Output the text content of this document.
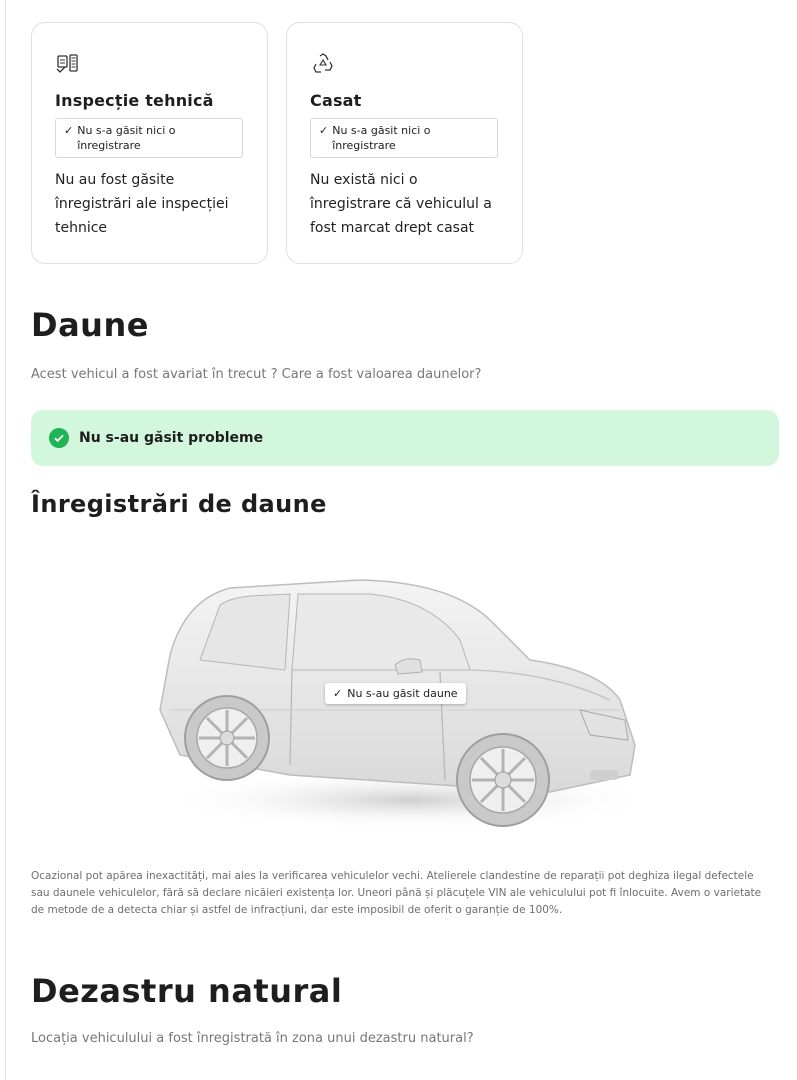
Inspecție tehnică
✓ Nu s-a găsit nici o înregistrare

Nu au fost găsite înregistrări ale inspecției tehnice

Casat
✓ Nu s-a găsit nici o înregistrare

Nu există nici o înregistrare că vehiculul a fost marcat drept casat

Daune

Acest vehicul a fost avariat în trecut ? Care a fost valoarea daunelor?

Nu s-au găsit probleme
Înregistrări de daune
✓ Nu s-au găsit daune

Ocazional pot apărea inexactități, mai ales la verificarea vehiculelor vechi. Atelierele clandestine de reparații pot deghiza ilegal defectele sau daunele vehiculelor, fără să declare nicăieri existența lor. Uneori până și plăcuțele VIN ale vehiculului pot fi înlocuite. Avem o varietate de metode de a detecta chiar și astfel de infracțiuni, dar este imposibil de oferit o garanție de 100%.

Dezastru natural

Locația vehiculului a fost înregistrată în zona unui dezastru natural?
